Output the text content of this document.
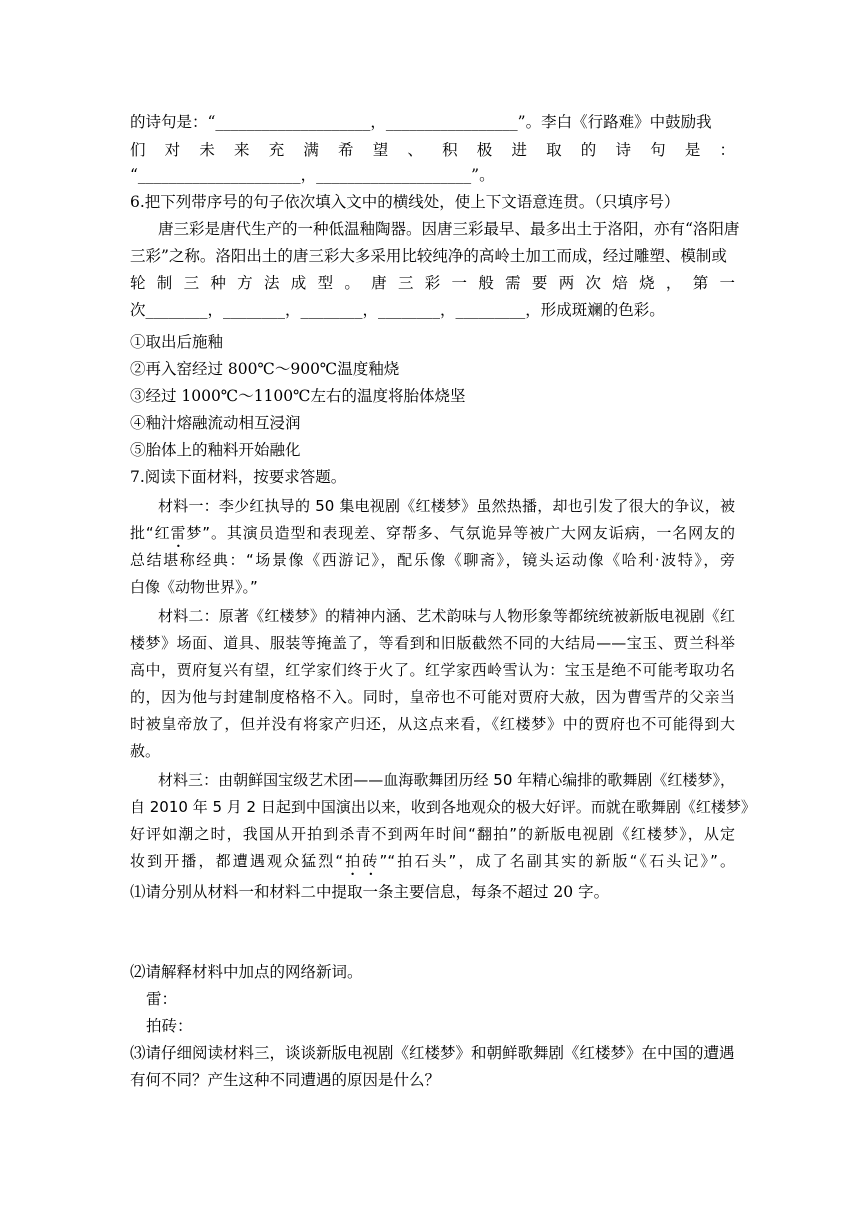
的诗句是：“____________________，_________________”。李白《行路难》中鼓励我
们 对 未 来 充 满 希 望 、 积 极 进 取 的 诗 句 是 ：
“_____________________，____________________”。
6.把下列带序号的句子依次填入文中的横线处，使上下文语意连贯。（只填序号）
唐三彩是唐代生产的一种低温釉陶器。因唐三彩最早、最多出土于洛阳，亦有“洛阳唐
三彩”之称。洛阳出土的唐三彩大多采用比较纯净的高岭土加工而成，经过雕塑、模制或
轮制三种方法成型。唐三彩一般需要两次焙烧，第一
次________，________，________，________，_________，形成斑斓的色彩。
①取出后施釉
②再入窑经过 800℃～900℃温度釉烧
③经过 1000℃～1100℃左右的温度将胎体烧坚
④釉汁熔融流动相互浸润
⑤胎体上的釉料开始融化
7.阅读下面材料，按要求答题。
材料一：李少红执导的 50 集电视剧《红楼梦》虽然热播，却也引发了很大的争议，被
批“红雷梦”。其演员造型和表现差、穿帮多、气氛诡异等被广大网友诟病，一名网友的
总结堪称经典：“场景像《西游记》，配乐像《聊斋》，镜头运动像《哈利·波特》，旁
白像《动物世界》。”
材料二：原著《红楼梦》的精神内涵、艺术韵味与人物形象等都统统被新版电视剧《红
楼梦》场面、道具、服装等掩盖了，等看到和旧版截然不同的大结局——宝玉、贾兰科举
高中，贾府复兴有望，红学家们终于火了。红学家西岭雪认为：宝玉是绝不可能考取功名
的，因为他与封建制度格格不入。同时，皇帝也不可能对贾府大赦，因为曹雪芹的父亲当
时被皇帝放了，但并没有将家产归还，从这点来看，《红楼梦》中的贾府也不可能得到大
赦。
材料三：由朝鲜国宝级艺术团——血海歌舞团历经 50 年精心编排的歌舞剧《红楼梦》，
自 2010 年 5 月 2 日起到中国演出以来，收到各地观众的极大好评。而就在歌舞剧《红楼梦》
好评如潮之时，我国从开拍到杀青不到两年时间“翻拍”的新版电视剧《红楼梦》，从定
妆到开播，都遭遇观众猛烈“拍砖”“拍石头”，成了名副其实的新版“《石头记》”。
⑴请分别从材料一和材料二中提取一条主要信息，每条不超过 20 字。
⑵请解释材料中加点的网络新词。
雷：
拍砖：
⑶请仔细阅读材料三，谈谈新版电视剧《红楼梦》和朝鲜歌舞剧《红楼梦》在中国的遭遇
有何不同？产生这种不同遭遇的原因是什么？
